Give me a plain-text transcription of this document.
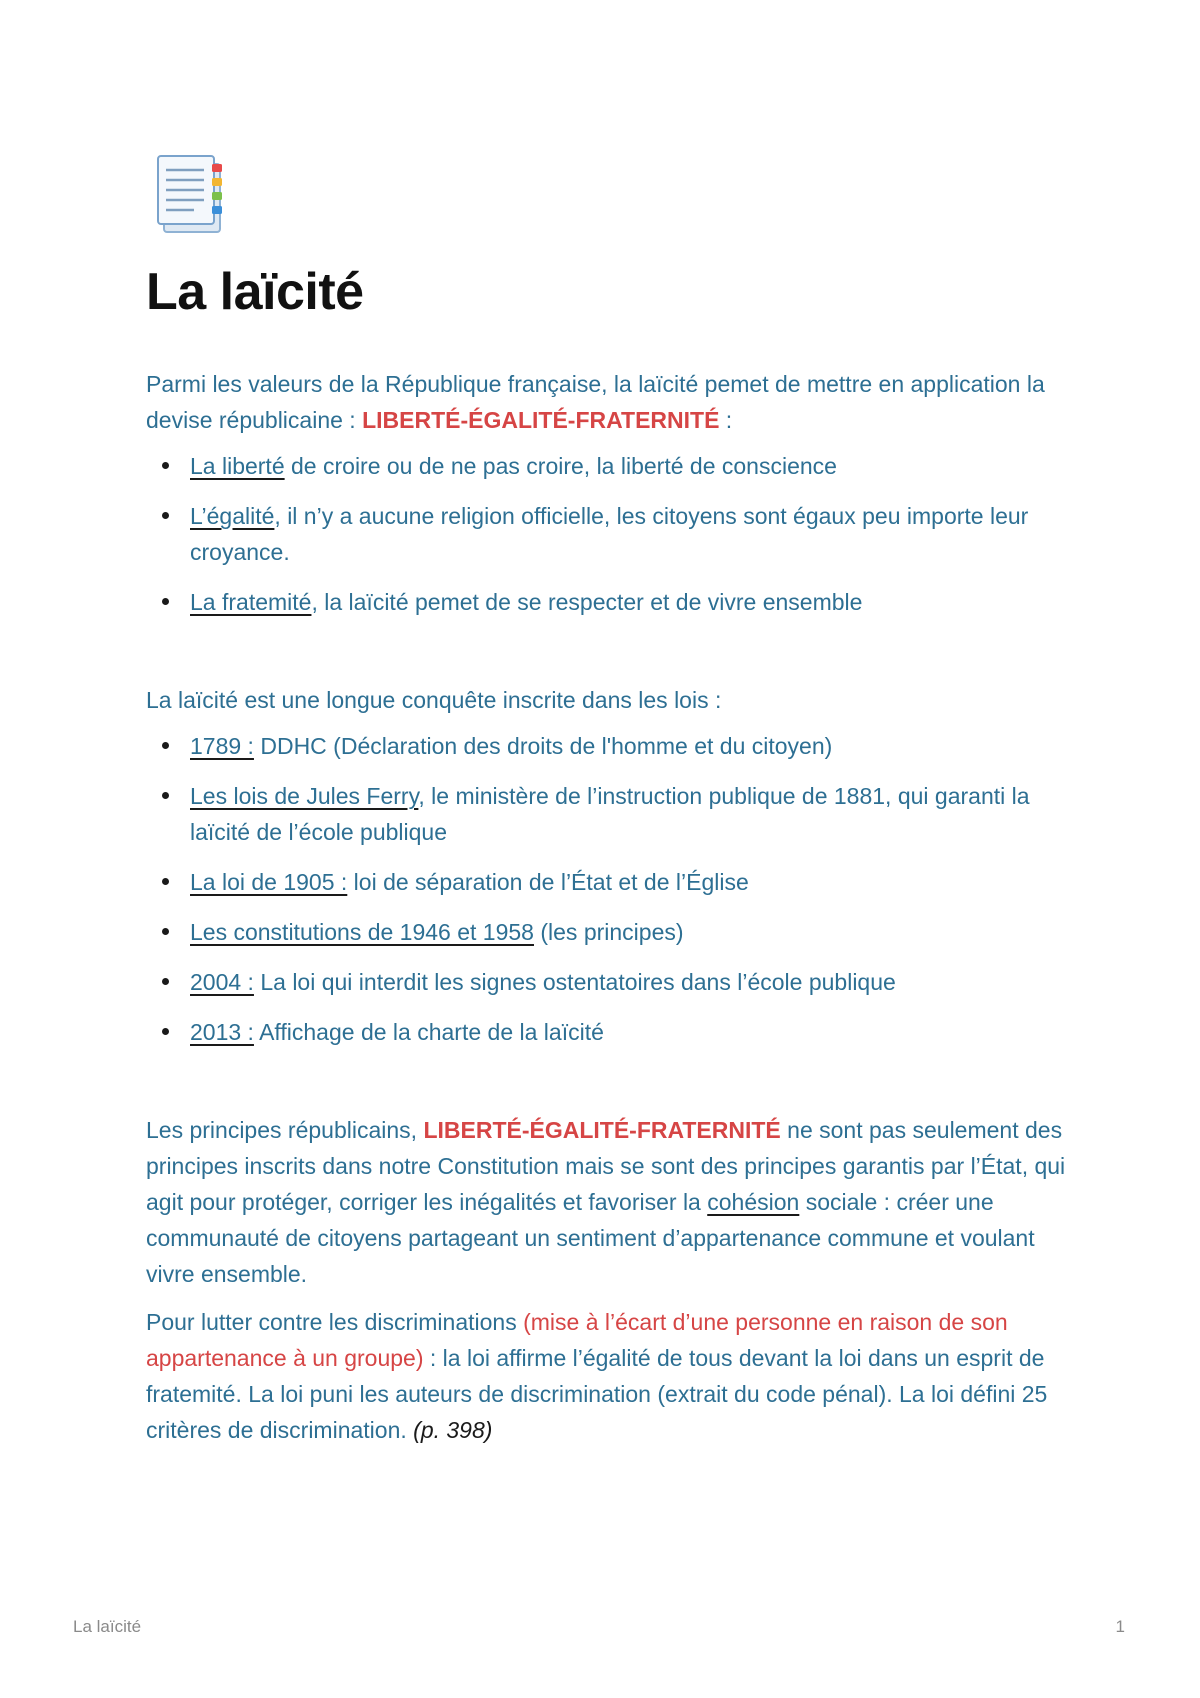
La laïcité

Parmi les valeurs de la République française, la laïcité pemet de mettre en application la devise républicaine : LIBERTÉ-ÉGALITÉ-FRATERNITÉ :

La liberté de croire ou de ne pas croire, la liberté de conscience
L’égalité, il n’y a aucune religion officielle, les citoyens sont égaux peu importe leur croyance.
La fratemité, la laïcité pemet de se respecter et de vivre ensemble

La laïcité est une longue conquête inscrite dans les lois :

1789 : DDHC (Déclaration des droits de l'homme et du citoyen)
Les lois de Jules Ferry, le ministère de l’instruction publique de 1881, qui garanti la laïcité de l’école publique
La loi de 1905 : loi de séparation de l’État et de l’Église
Les constitutions de 1946 et 1958 (les principes)
2004 : La loi qui interdit les signes ostentatoires dans l’école publique
2013 : Affichage de la charte de la laïcité

Les principes républicains, LIBERTÉ-ÉGALITÉ-FRATERNITÉ ne sont pas seulement des principes inscrits dans notre Constitution mais se sont des principes garantis par l’État, qui agit pour protéger, corriger les inégalités et favoriser la cohésion sociale : créer une communauté de citoyens partageant un sentiment d’appartenance commune et voulant vivre ensemble.

Pour lutter contre les discriminations (mise à l’écart d’une personne en raison de son appartenance à un groupe) : la loi affirme l’égalité de tous devant la loi dans un esprit de fratemité. La loi puni les auteurs de discrimination (extrait du code pénal). La loi défini 25 critères de discrimination. (p. 398)

La laïcité	1
